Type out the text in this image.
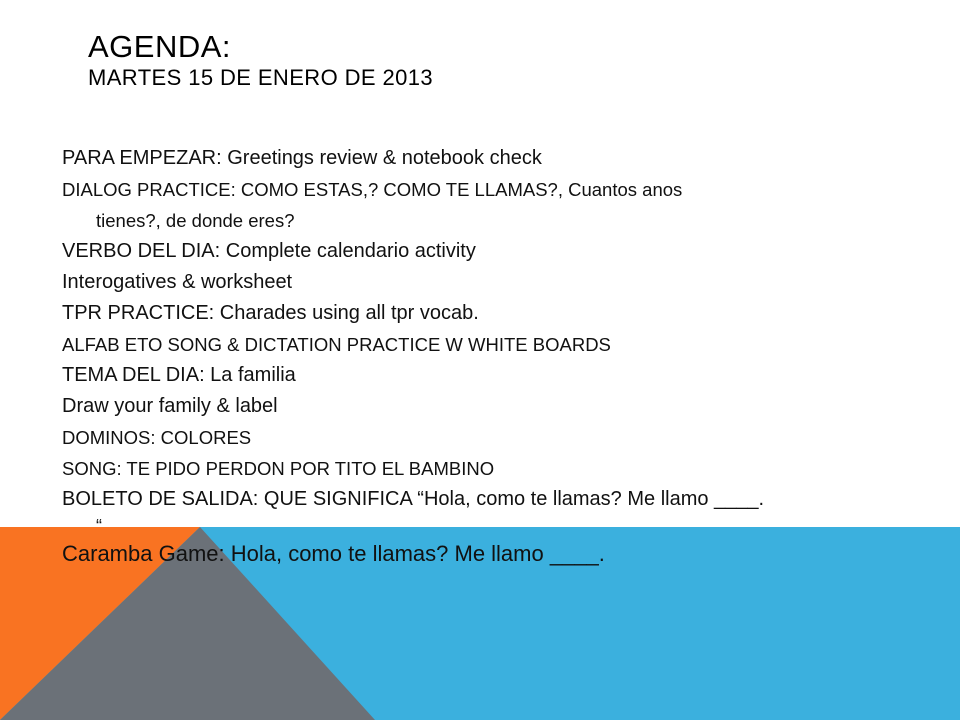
AGENDA:
MARTES 15 DE ENERO DE 2013
PARA EMPEZAR: Greetings review & notebook check
DIALOG PRACTICE: COMO ESTAS,? COMO TE LLAMAS?, Cuantos anos
tienes?, de donde eres?
VERBO DEL DIA: Complete calendario activity
Interogatives & worksheet
TPR PRACTICE: Charades using all tpr vocab.
ALFAB ETO SONG & DICTATION PRACTICE W WHITE BOARDS
TEMA DEL DIA: La familia
Draw your family & label
DOMINOS: COLORES
SONG: TE PIDO PERDON POR TITO EL BAMBINO
BOLETO DE SALIDA: QUE SIGNIFICA “Hola, como te llamas? Me llamo ____.
“
Caramba Game: Hola, como te llamas? Me llamo ____.
